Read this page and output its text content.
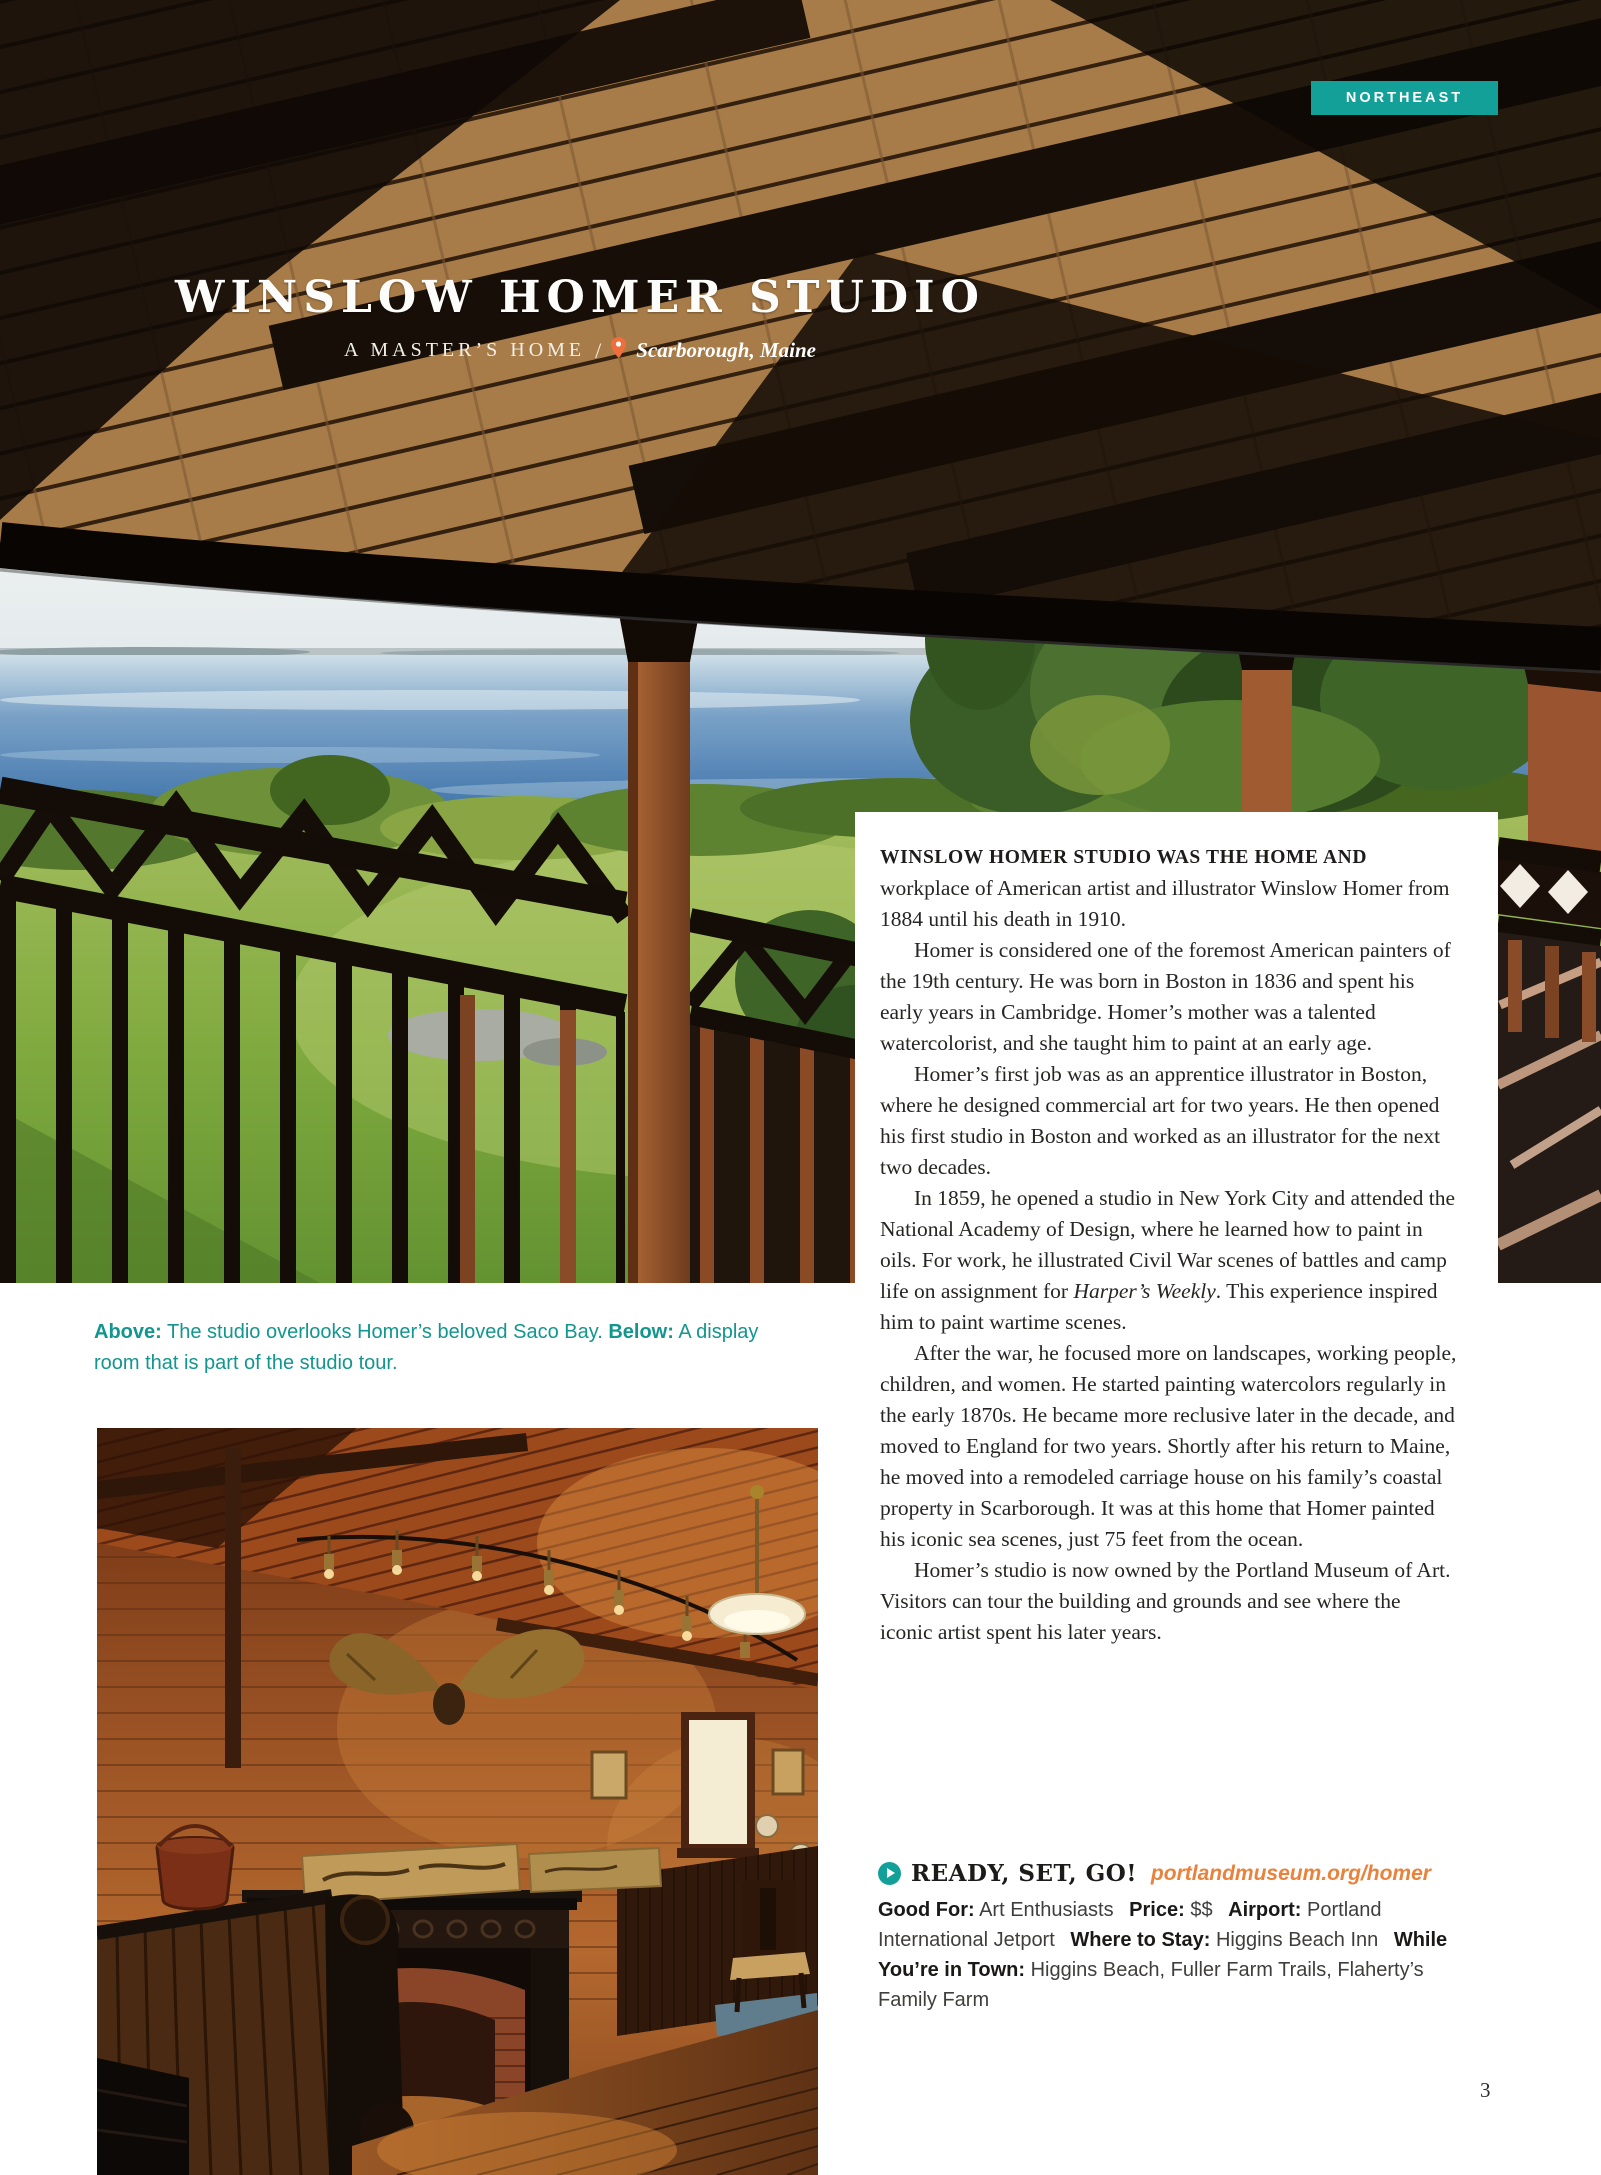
NORTHEAST
WINSLOW HOMER STUDIO
A MASTER’S HOME / Scarborough, Maine

WINSLOW HOMER STUDIO WAS THE HOME AND workplace of American artist and illustrator Winslow Homer from 1884 until his death in 1910.

Homer is considered one of the foremost American painters of the 19th century. He was born in Boston in 1836 and spent his early years in Cambridge. Homer’s mother was a talented watercolorist, and she taught him to paint at an early age.

Homer’s first job was as an apprentice illustrator in Boston, where he designed commercial art for two years. He then opened his first studio in Boston and worked as an illustrator for the next two decades.

In 1859, he opened a studio in New York City and attended the National Academy of Design, where he learned how to paint in oils. For work, he illustrated Civil War scenes of battles and camp life on assignment for Harper’s Weekly. This experience inspired him to paint wartime scenes.

After the war, he focused more on landscapes, working people, children, and women. He started painting watercolors regularly in the early 1870s. He became more reclusive later in the decade, and moved to England for two years. Shortly after his return to Maine, he moved into a remodeled carriage house on his family’s coastal property in Scarborough. It was at this home that Homer painted his iconic sea scenes, just 75 feet from the ocean.

Homer’s studio is now owned by the Portland Museum of Art. Visitors can tour the building and grounds and see where the iconic artist spent his later years.

Above: The studio overlooks Homer’s beloved Saco Bay. Below: A display room that is part of the studio tour.
READY, SET, GO! portlandmuseum.org/homer
Good For: Art Enthusiasts Price: $$ Airport: Portland International Jetport Where to Stay: Higgins Beach Inn While You’re in Town: Higgins Beach, Fuller Farm Trails, Flaherty’s Family Farm
3
